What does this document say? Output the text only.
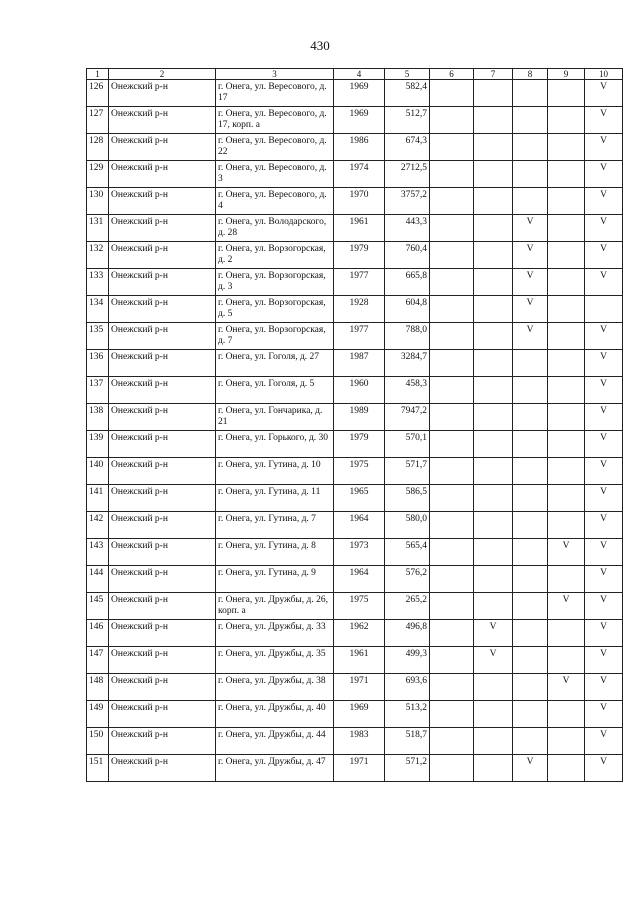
430
1	2	3	4	5	6	7	8	9	10
126	Онежский р-н	г. Онега, ул. Вересового, д. 17	1969	582,4					V
127	Онежский р-н	г. Онега, ул. Вересового, д. 17, корп. а	1969	512,7					V
128	Онежский р-н	г. Онега, ул. Вересового, д. 22	1986	674,3					V
129	Онежский р-н	г. Онега, ул. Вересового, д. 3	1974	2712,5					V
130	Онежский р-н	г. Онега, ул. Вересового, д. 4	1970	3757,2					V
131	Онежский р-н	г. Онега, ул. Володарского, д. 28	1961	443,3			V		V
132	Онежский р-н	г. Онега, ул. Ворзогорская, д. 2	1979	760,4			V		V
133	Онежский р-н	г. Онега, ул. Ворзогорская, д. 3	1977	665,8			V		V
134	Онежский р-н	г. Онега, ул. Ворзогорская, д. 5	1928	604,8			V		
135	Онежский р-н	г. Онега, ул. Ворзогорская, д. 7	1977	788,0			V		V
136	Онежский р-н	г. Онега, ул. Гоголя, д. 27	1987	3284,7					V
137	Онежский р-н	г. Онега, ул. Гоголя, д. 5	1960	458,3					V
138	Онежский р-н	г. Онега, ул. Гончарика, д. 21	1989	7947,2					V
139	Онежский р-н	г. Онега, ул. Горького, д. 30	1979	570,1					V
140	Онежский р-н	г. Онега, ул. Гутина, д. 10	1975	571,7					V
141	Онежский р-н	г. Онега, ул. Гутина, д. 11	1965	586,5					V
142	Онежский р-н	г. Онега, ул. Гутина, д. 7	1964	580,0					V
143	Онежский р-н	г. Онега, ул. Гутина, д. 8	1973	565,4				V	V
144	Онежский р-н	г. Онега, ул. Гутина, д. 9	1964	576,2					V
145	Онежский р-н	г. Онега, ул. Дружбы, д. 26, корп. а	1975	265,2				V	V
146	Онежский р-н	г. Онега, ул. Дружбы, д. 33	1962	496,8		V			V
147	Онежский р-н	г. Онега, ул. Дружбы, д. 35	1961	499,3		V			V
148	Онежский р-н	г. Онега, ул. Дружбы, д. 38	1971	693,6				V	V
149	Онежский р-н	г. Онега, ул. Дружбы, д. 40	1969	513,2					V
150	Онежский р-н	г. Онега, ул. Дружбы, д. 44	1983	518,7					V
151	Онежский р-н	г. Онега, ул. Дружбы, д. 47	1971	571,2			V		V
